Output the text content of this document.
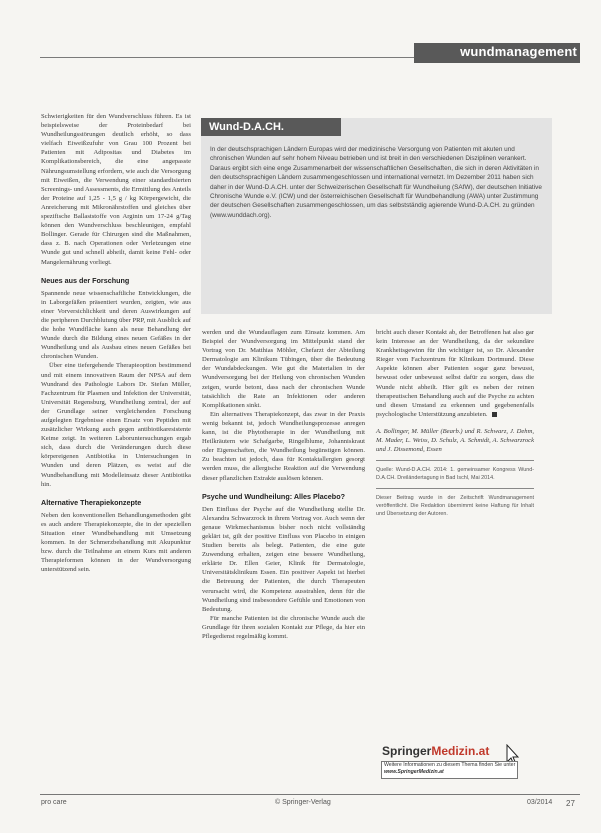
wundmanagement
Wund-D.A.CH.
In der deutschsprachigen Ländern Europas wird der medizinische Versorgung von Patienten mit akuten und chronischen Wunden auf sehr hohem Niveau betrieben und ist breit in den verschiedenen Disziplinen verankert. Daraus ergibt sich eine enge Zusammenarbeit der wissenschaftlichen Gesellschaften, die sich in deren Aktivitäten in den deutschsprachigen Ländern zusammengeschlossen und international vernetzt. Im Dezember 2011 haben sich daher in der Wund-D.A.CH. unter der Schweizerischen Gesellschaft für Wundheilung (SAfW), der deutschen Initiative Chronische Wunde e.V. (ICW) und der österreichischen Gesellschaft für Wundbehandlung (AWA) unter Zustimmung der deutschen Gesellschaften zusammengeschlossen, um das selbstständig agierende Wund-D.A.CH. zu gründen (www.wunddach.org).

Schwierigkeiten für den Wundverschluss führen. Es ist beispielsweise der Proteinbedarf bei Wundheilungsstörungen deutlich erhöht, so dass vielfach Eiweißzufuhr von Grau 100 Prozent bei Patienten mit Adipositas und Diabetes im Komplikationsbereich, die eine angepasste Nährungsumstellung erfordern, wie auch die Versorgung mit Eiweißen, die Verwendung einer standardisierten Screenings- und Assessments, die Ermittlung des Anteils der Proteine auf 1,25 - 1,5 g / kg Körpergewicht, die Anreicherung mit Mikronährstoffen und gleiches über spezifische Ballaststoffe von Arginin um 17-24 g/Tag können den Wundverschluss beschleunigen, empfahl Bollinger. Gerade für Chirurgen sind die Maßnahmen, dass z. B. nach Operationen oder Verletzungen eine Wunde gut und schnell abheilt, damit keine Fehl- oder Mangelernährung vorliegt.

Neues aus der Forschung

Spannende neue wissenschaftliche Entwicklungen, die in Laborgefäßen präsentiert wurden, zeigten, wie aus einer Vorversichlichkeit und deren Auswirkungen auf die peripheren Durchblutung über PRP, mit Ausblick auf die hohe Wundfläche kann als neue Behandlung der Wunde durch die Bildung eines neuen Gefäßes in der Wundheilung und als Ausbau eines neuen Gefäßes bei chronischen Wunden.

Über eine tiefergehende Therapieoption bestimmend und mit einem innovativen Raum der NPSA auf dem Wundrand des Pathologie Labors Dr. Stefan Müller, Fachzentrum für Plasmen und Infektion der Universität, Universität Regensburg, Wundheilung zentral, der auf der Grundlage seiner vergleichenden Forschung aufgelegten Ergebnisse einen Ersatz von Peptiden mit zusätzlicher Wirkung auch gegen antibiotikaresistente Keime zeigt. In weiteren Laboruntersuchungen ergab sich, dass durch die Veränderungen durch diese körpereigenen Antibiotika in Untersuchungen in Wunden und deren Plätzen, es weist auf die Wundbehandlung mit Modelleinsatz dieser Antibiotika hin.

Alternative Therapiekonzepte

Neben den konventionellen Behandlungsmethoden gibt es auch andere Therapiekonzepte, die in der speziellen Situation einer Wundbehandlung mit Umsetzung kommen. In der Schmerzbehandlung mit Akupunktur bzw. durch die Teilnahme an einem Kurs mit anderen Therapieformen können in der Wundversorgung unterstützend sein.

werden und die Wundauflagen zum Einsatz kommen. Am Beispiel der Wundversorgung im Mittelpunkt stand der Vortrag von Dr. Matthias Möhler, Chefarzt der Abteilung Dermatologie am Klinikum Tübingen, über die Bedeutung der Wundabdeckungen. Wie gut die Materialien in der Wundversorgung bei der Heilung von chronischen Wunden zeigen, wurde betont, dass nach der chronischen Wunde tatsächlich die Rate an Infektionen oder anderen Komplikationen sinkt.

Ein alternatives Therapiekonzept, das zwar in der Praxis wenig bekannt ist, jedoch Wundheilungsprozesse anregen kann, ist die Phytotherapie in der Wundheilung mit Heilkräutern wie Schafgarbe, Ringelblume, Johanniskraut oder Eigenschaften, die Wundheilung begünstigen können. Zu beachten ist jedoch, dass für Kontaktallergien gesorgt werden muss, die allergische Reaktion auf die Verwendung dieser pflanzlichen Extrakte auslösen können.

Psyche und Wundheilung: Alles Placebo?

Den Einfluss der Psyche auf die Wundheilung stellte Dr. Alexandra Schwarzrock in ihrem Vortrag vor. Auch wenn der genaue Wirkmechanismus bisher noch nicht vollständig geklärt ist, gilt der positive Einfluss von Placebo in einigen Studien bereits als belegt. Patienten, die eine gute Zuwendung erhalten, zeigen eine bessere Wundheilung, erklärte Dr. Ellen Geier, Klinik für Dermatologie, Universitätsklinikum Essen. Ein positiver Aspekt ist hierbei die Betreuung der Patienten, die durch Therapeuten verursacht wird, die Kompetenz ausstrahlen, denn für die Wundheilung sind insbesondere Gefühle und Emotionen von Bedeutung.

Für manche Patienten ist die chronische Wunde auch die Grundlage für ihren sozialen Kontakt zur Pflege, da hier ein Pflegedienst regelmäßig kommt.

bricht auch dieser Kontakt ab, der Betroffenen hat also gar kein Interesse an der Wundheilung, da der sekundäre Krankheitsgewinn für ihn wichtiger ist, so Dr. Alexander Rieger vom Fachzentrum für Klinikum Dortmund. Diese Aspekte können aber Patienten sogar ganz bewusst, bewusst oder unbewusst selbst dafür zu sorgen, dass die Wunde nicht abheilt. Hier gilt es neben der reinen therapeutischen Behandlung auch auf die Psyche zu achten und diesen Umstand zu erkennen und gegebenenfalls psychologische Unterstützung anzubieten.

A. Bollinger, M. Müller (Bearb.) und R. Schwarz, J. Dehm, M. Mader, L. Weiss, D. Schulz, A. Schmidt, A. Schwarzrock und J. Dissemond, Essen
Quelle: Wund-D.A.CH. 2014: 1. gemeinsamer Kongress Wund-D.A.CH. Dreiländertagung in Bad Ischl, Mai 2014.
Dieser Beitrag wurde in der Zeitschrift Wundmanagement veröffentlicht. Die Redaktion übernimmt keine Haftung für Inhalt und Übersetzung der Autoren.
SpringerMedizin.at
Weitere Informationen zu diesem Thema finden Sie unter
www.SpringerMedizin.at
pro care	© Springer-Verlag	03/2014 27
